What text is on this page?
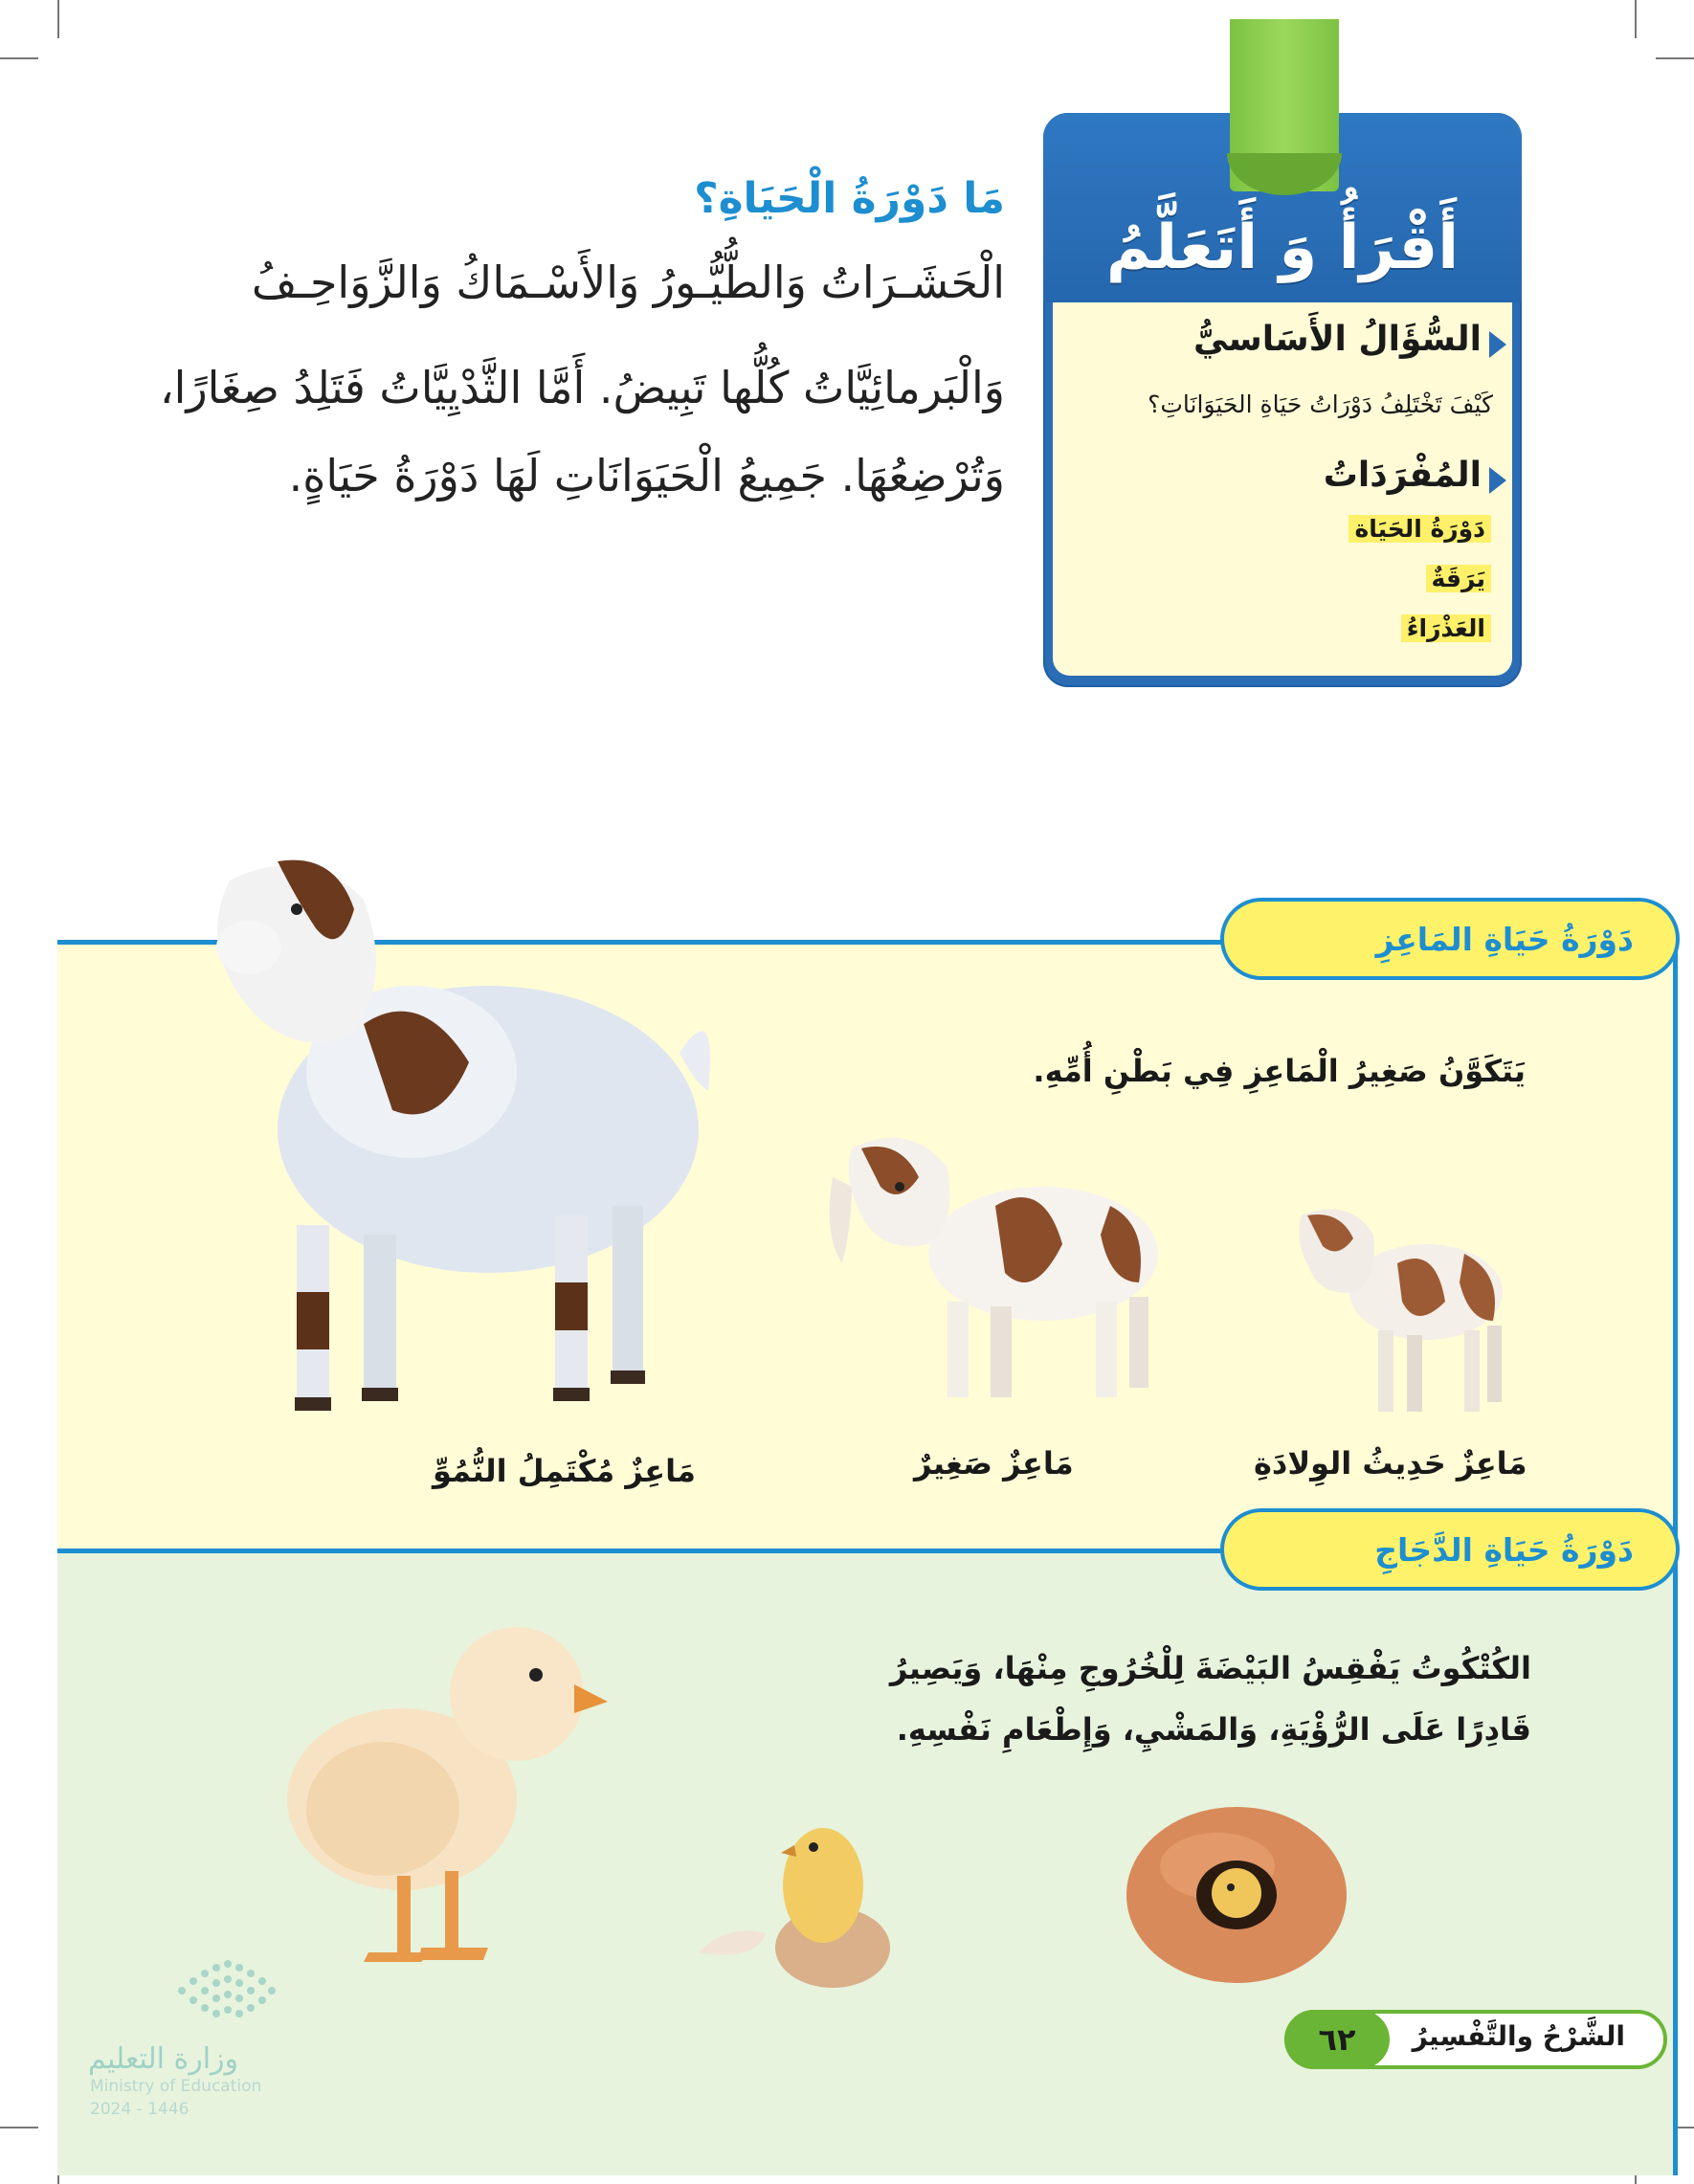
أَقْرَأُ وَ أَتَعَلَّمُ
السُّؤَالُ الأَسَاسيُّ
كَيْفَ تَخْتَلِفُ دَوْرَاتُ حَيَاةِ الحَيَوَانَاتِ؟
المُفْرَدَاتُ
دَوْرَةُ الحَيَاة
يَرَقَةٌ
العَذْرَاءُ
مَا دَوْرَةُ الْحَيَاةِ؟
الْحَشَـرَاتُ وَالطُّيُّـورُ وَالأَسْـمَاكُ وَالزَّوَاحِـفُ
وَالْبَرمائِيَّاتُ كُلُّها تَبِيضُ. أَمَّا الثَّدْيِيَّاتُ فَتَلِدُ صِغَارًا،
وَتُرْضِعُهَا. جَمِيعُ الْحَيَوَانَاتِ لَهَا دَوْرَةُ حَيَاةٍ.
دَوْرَةُ حَيَاةِ المَاعِزِ
يَتَكَوَّنُ صَغِيرُ الْمَاعِزِ فِي بَطْنِ أُمِّهِ.
مَاعِزٌ حَدِيثُ الوِلادَةِ
مَاعِزٌ صَغِيرٌ
مَاعِزٌ مُكْتَمِلُ النُّمُوِّ
دَوْرَةُ حَيَاةِ الدَّجَاجِ
الكُتْكُوتُ يَفْقِسُ البَيْضَةَ لِلْخُرُوجِ مِنْهَا، وَيَصِيرُ
قَادِرًا عَلَى الرُّؤْيَةِ، وَالمَشْيِ، وَإِطْعَامِ نَفْسِهِ.
الشَّرْحُ والتَّفْسِيرُ
٦٢
وزارة التعليم
Ministry of Education
2024 - 1446
